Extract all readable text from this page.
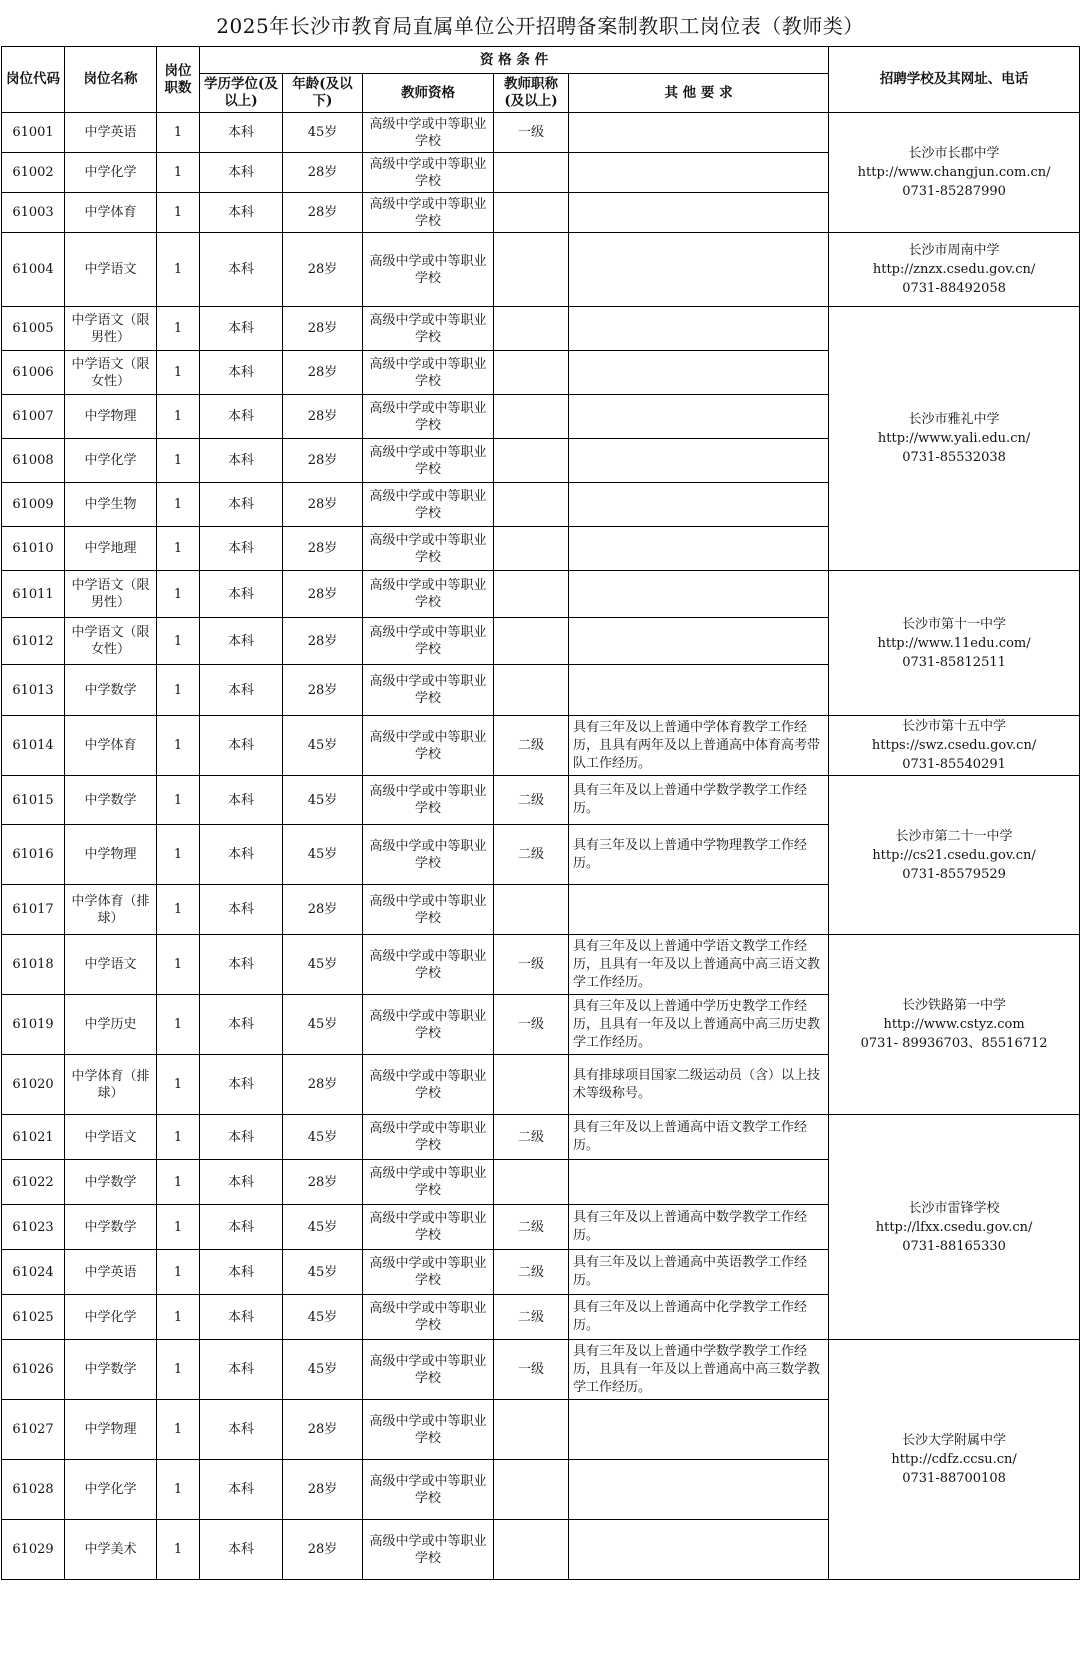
2025年长沙市教育局直属单位公开招聘备案制教职工岗位表（教师类）
岗位代码	岗位名称	岗位职数	资 格 条 件					招聘学校及其网址、电话
			学历学位(及以上)	年龄(及以下)	教师资格	教师职称(及以上)	其 他 要 求	
61001	中学英语	1	本科	45岁	高级中学或中等职业学校	一级		长沙市长郡中学
http://www.changjun.com.cn/
0731-85287990

61002	中学化学	1	本科	28岁	高级中学或中等职业学校			
61003	中学体育	1	本科	28岁	高级中学或中等职业学校			
61004	中学语文	1	本科	28岁	高级中学或中等职业学校			长沙市周南中学
http://znzx.csedu.gov.cn/
0731-88492058

61005	中学语文（限男性）	1	本科	28岁	高级中学或中等职业学校			长沙市雅礼中学
http://www.yali.edu.cn/
0731-85532038

61006	中学语文（限女性）	1	本科	28岁	高级中学或中等职业学校			
61007	中学物理	1	本科	28岁	高级中学或中等职业学校			
61008	中学化学	1	本科	28岁	高级中学或中等职业学校			
61009	中学生物	1	本科	28岁	高级中学或中等职业学校			
61010	中学地理	1	本科	28岁	高级中学或中等职业学校			
61011	中学语文（限男性）	1	本科	28岁	高级中学或中等职业学校			长沙市第十一中学
http://www.11edu.com/
0731-85812511

61012	中学语文（限女性）	1	本科	28岁	高级中学或中等职业学校			
61013	中学数学	1	本科	28岁	高级中学或中等职业学校			
61014	中学体育	1	本科	45岁	高级中学或中等职业学校	二级	具有三年及以上普通中学体育教学工作经历，且具有两年及以上普通高中体育高考带队工作经历。	长沙市第十五中学
https://swz.csedu.gov.cn/
0731-85540291

61015	中学数学	1	本科	45岁	高级中学或中等职业学校	二级	具有三年及以上普通中学数学教学工作经历。	长沙市第二十一中学
http://cs21.csedu.gov.cn/
0731-85579529

61016	中学物理	1	本科	45岁	高级中学或中等职业学校	二级	具有三年及以上普通中学物理教学工作经历。	
61017	中学体育（排球）	1	本科	28岁	高级中学或中等职业学校			
61018	中学语文	1	本科	45岁	高级中学或中等职业学校	一级	具有三年及以上普通中学语文教学工作经历，且具有一年及以上普通高中高三语文教学工作经历。	长沙铁路第一中学
http://www.cstyz.com
0731- 89936703、85516712

61019	中学历史	1	本科	45岁	高级中学或中等职业学校	一级	具有三年及以上普通中学历史教学工作经历，且具有一年及以上普通高中高三历史教学工作经历。	
61020	中学体育（排球）	1	本科	28岁	高级中学或中等职业学校		具有排球项目国家二级运动员（含）以上技术等级称号。	
61021	中学语文	1	本科	45岁	高级中学或中等职业学校	二级	具有三年及以上普通高中语文教学工作经历。	长沙市雷锋学校
http://lfxx.csedu.gov.cn/
0731-88165330

61022	中学数学	1	本科	28岁	高级中学或中等职业学校			
61023	中学数学	1	本科	45岁	高级中学或中等职业学校	二级	具有三年及以上普通高中数学教学工作经历。	
61024	中学英语	1	本科	45岁	高级中学或中等职业学校	二级	具有三年及以上普通高中英语教学工作经历。	
61025	中学化学	1	本科	45岁	高级中学或中等职业学校	二级	具有三年及以上普通高中化学教学工作经历。	
61026	中学数学	1	本科	45岁	高级中学或中等职业学校	一级	具有三年及以上普通中学数学教学工作经历，且具有一年及以上普通高中高三数学教学工作经历。	长沙大学附属中学
http://cdfz.ccsu.cn/
0731-88700108

61027	中学物理	1	本科	28岁	高级中学或中等职业学校			
61028	中学化学	1	本科	28岁	高级中学或中等职业学校			
61029	中学美术	1	本科	28岁	高级中学或中等职业学校			
